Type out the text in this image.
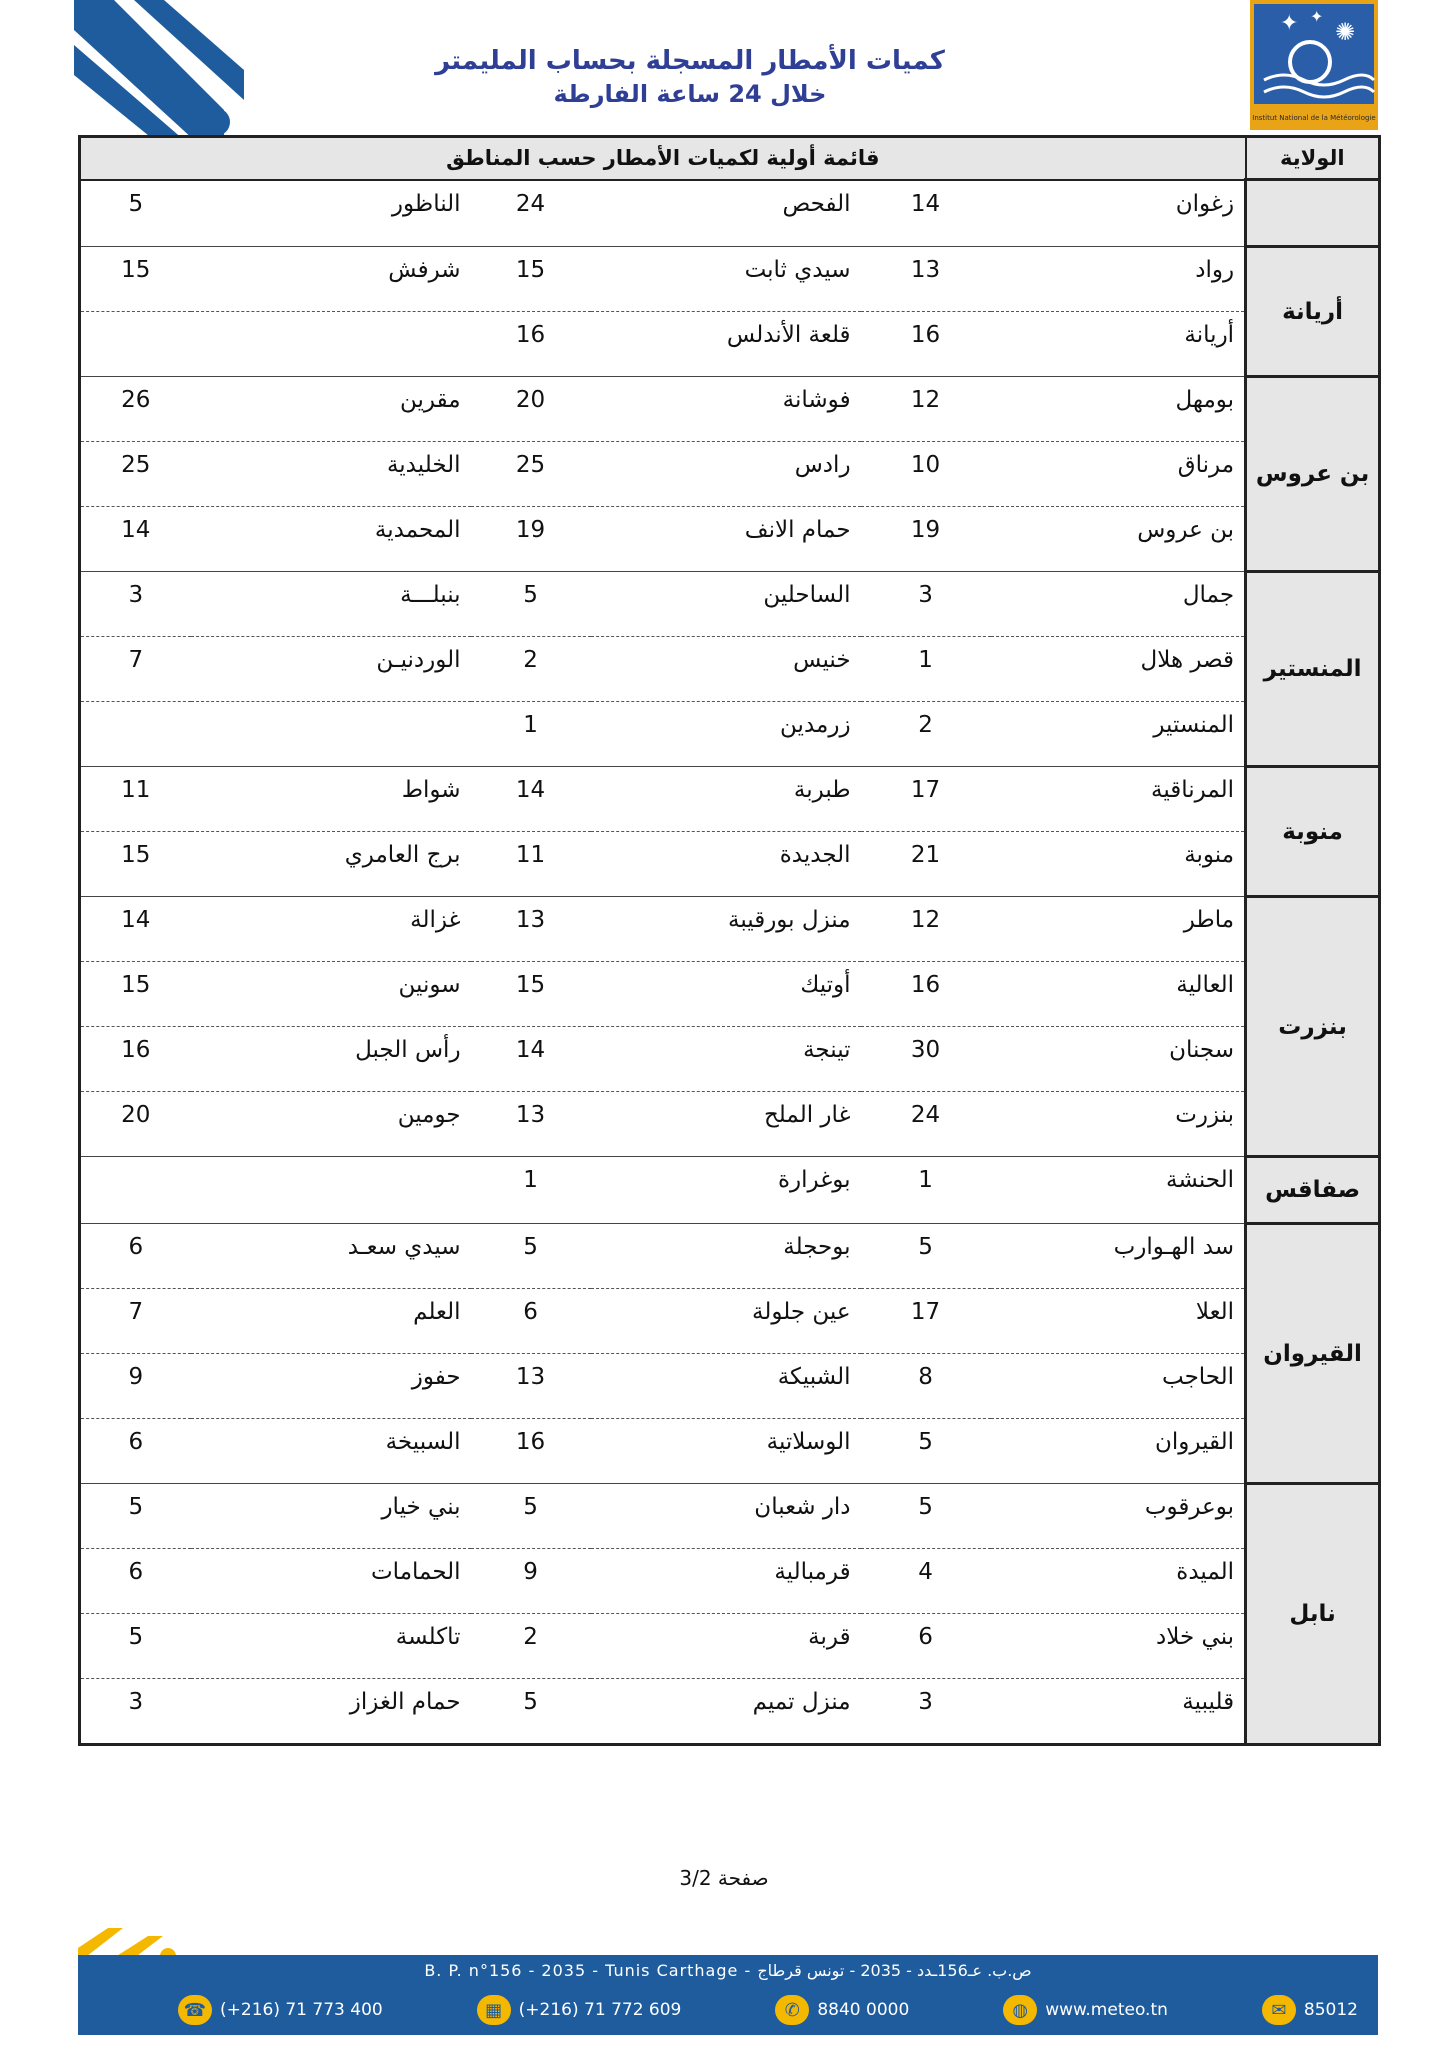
✦ ✦
✺
Institut National de la Météorologie
كميات الأمطار المسجلة بحساب المليمتر
خلال 24 ساعة الفارطة
الولاية	قائمة أولية لكميات الأمطار حسب المناطق					

	زغوان	14	الفحص	24	الناظور	5

أريانة	رواد	13	سيدي ثابت	15	شرفش	15

	أريانة	16	قلعة الأندلس	16		

بن عروس	بومهل	12	فوشانة	20	مقرين	26

	مرناق	10	رادس	25	الخليدية	25

	بن عروس	19	حمام الانف	19	المحمدية	14

المنستير	جمال	3	الساحلين	5	بنبلـــة	3

	قصر هلال	1	خنيس	2	الوردنيـن	7

	المنستير	2	زرمدين	1		

منوبة	المرناقية	17	طبربة	14	شواط	11

	منوبة	21	الجديدة	11	برج العامري	15

بنزرت	ماطر	12	منزل بورقيبة	13	غزالة	14

	العالية	16	أوتيك	15	سونين	15

	سجنان	30	تينجة	14	رأس الجبل	16

	بنزرت	24	غار الملح	13	جومين	20

صفاقس	الحنشة	1	بوغرارة	1		

القيروان	سد الهـوارب	5	بوحجلة	5	سيدي سعـد	6

	العلا	17	عين جلولة	6	العلم	7

	الحاجب	8	الشبيكة	13	حفوز	9

	القيروان	5	الوسلاتية	16	السبيخة	6

نابل	بوعرقوب	5	دار شعبان	5	بني خيار	5

	الميدة	4	قرمبالية	9	الحمامات	6

	بني خلاد	6	قربة	2	تاكلسة	5

	قليبية	3	منزل تميم	5	حمام الغزاز	3
صفحة 3/2
B. P. n°156 - 2035 - Tunis Carthage - ص.ب. عـ156ـدد - 2035 - تونس قرطاج
☎ (+216) 71 773 400	▦ (+216) 71 772 609	✆	8840 0000	◍	www.meteo.tn	✉	85012
